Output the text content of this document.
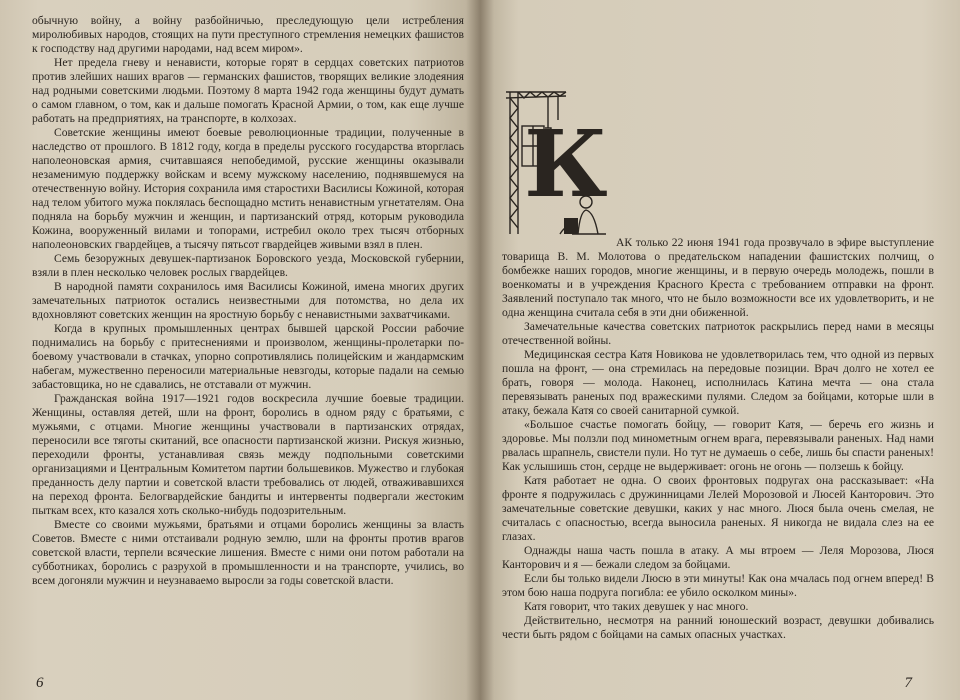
обычную войну, а войну разбойничью, преследующую цели истребления миролюбивых народов, стоящих на пути преступного стремления немецких фашистов к господству над другими народами, над всем миром».

Нет предела гневу и ненависти, которые горят в сердцах советских патриотов против злейших наших врагов — германских фашистов, творящих великие злодеяния над родными советскими людьми. Поэтому 8 марта 1942 года женщины будут думать о самом главном, о том, как и дальше помогать Красной Армии, о том, как еще лучше работать на предприятиях, на транспорте, в колхозах.

Советские женщины имеют боевые революционные традиции, полученные в наследство от прошлого. В 1812 году, когда в пределы русского государства вторглась наполеоновская армия, считавшаяся непобедимой, русские женщины оказывали незаменимую поддержку войскам и всему мужскому населению, поднявшемуся на отечественную войну. История сохранила имя старостихи Василисы Кожиной, которая над телом убитого мужа поклялась беспощадно мстить ненавистным угнетателям. Она подняла на борьбу мужчин и женщин, и партизанский отряд, которым руководила Кожина, вооруженный вилами и топорами, истребил около трех тысяч отборных наполеоновских гвардейцев, а тысячу пятьсот гвардейцев живыми взял в плен.

Семь безоружных девушек-партизанок Боровского уезда, Московской губернии, взяли в плен несколько человек рослых гвардейцев.

В народной памяти сохранилось имя Василисы Кожиной, имена многих других замечательных патриоток остались неизвестными для потомства, но дела их вдохновляют советских женщин на яростную борьбу с ненавистными захватчиками.

Когда в крупных промышленных центрах бывшей царской России рабочие поднимались на борьбу с притеснениями и произволом, женщины-пролетарки по-боевому участвовали в стачках, упорно сопротивлялись полицейским и жандармским набегам, мужественно переносили материальные невзгоды, которые падали на семью забастовщика, но не сдавались, не отставали от мужчин.

Гражданская война 1917—1921 годов воскресила лучшие боевые традиции. Женщины, оставляя детей, шли на фронт, боролись в одном ряду с братьями, с мужьями, с отцами. Многие женщины участвовали в партизанских отрядах, переносили все тяготы скитаний, все опасности партизанской жизни. Рискуя жизнью, переходили фронты, устанавливая связь между подпольными советскими организациями и Центральным Комитетом партии большевиков. Мужество и глубокая преданность делу партии и советской власти требовались от людей, отваживавшихся на переход фронта. Белогвардейские бандиты и интервенты подвергали жестоким пыткам всех, кто казался хоть сколько-нибудь подозрительным.

Вместе со своими мужьями, братьями и отцами боролись женщины за власть Советов. Вместе с ними отстаивали родную землю, шли на фронты против врагов советской власти, терпели всяческие лишения. Вместе с ними они потом работали на субботниках, боролись с разрухой в промышленности и на транспорте, учились, во всем догоняли мужчин и неузнаваемо выросли за годы советской власти.

6
К

АК только 22 июня 1941 года прозвучало в эфире выступление товарища В. М. Молотова о предательском нападении фашистских полчищ, о бомбежке наших городов, многие женщины, и в первую очередь молодежь, пошли в военкоматы и в учреждения Красного Креста с требованием отправки на фронт. Заявлений поступало так много, что не было возможности все их удовлетворить, и не одна женщина считала себя в эти дни обиженной.

Замечательные качества советских патриоток раскрылись перед нами в месяцы отечественной войны.

Медицинская сестра Катя Новикова не удовлетворилась тем, что одной из первых пошла на фронт, — она стремилась на передовые позиции. Врач долго не хотел ее брать, говоря — молода. Наконец, исполнилась Катина мечта — она стала перевязывать раненых под вражескими пулями. Следом за бойцами, которые шли в атаку, бежала Катя со своей санитарной сумкой.

«Большое счастье помогать бойцу, — говорит Катя, — беречь его жизнь и здоровье. Мы ползли под минометным огнем врага, перевязывали раненых. Над нами рвалась шрапнель, свистели пули. Но тут не думаешь о себе, лишь бы спасти раненых! Как услышишь стон, сердце не выдерживает: огонь не огонь — ползешь к бойцу.

Катя работает не одна. О своих фронтовых подругах она рассказывает: «На фронте я подружилась с дружинницами Лелей Морозовой и Люсей Канторович. Это замечательные советские девушки, каких у нас много. Люся была очень смелая, не считалась с опасностью, всегда выносила раненых. Я никогда не видала слез на ее глазах.

Однажды наша часть пошла в атаку. А мы втроем — Леля Морозова, Люся Канторович и я — бежали следом за бойцами.

Если бы только видели Люсю в эти минуты! Как она мчалась под огнем вперед! В этом бою наша подруга погибла: ее убило осколком мины».

Катя говорит, что таких девушек у нас много.

Действительно, несмотря на ранний юношеский возраст, девушки добивались чести быть рядом с бойцами на самых опасных участках.

7
